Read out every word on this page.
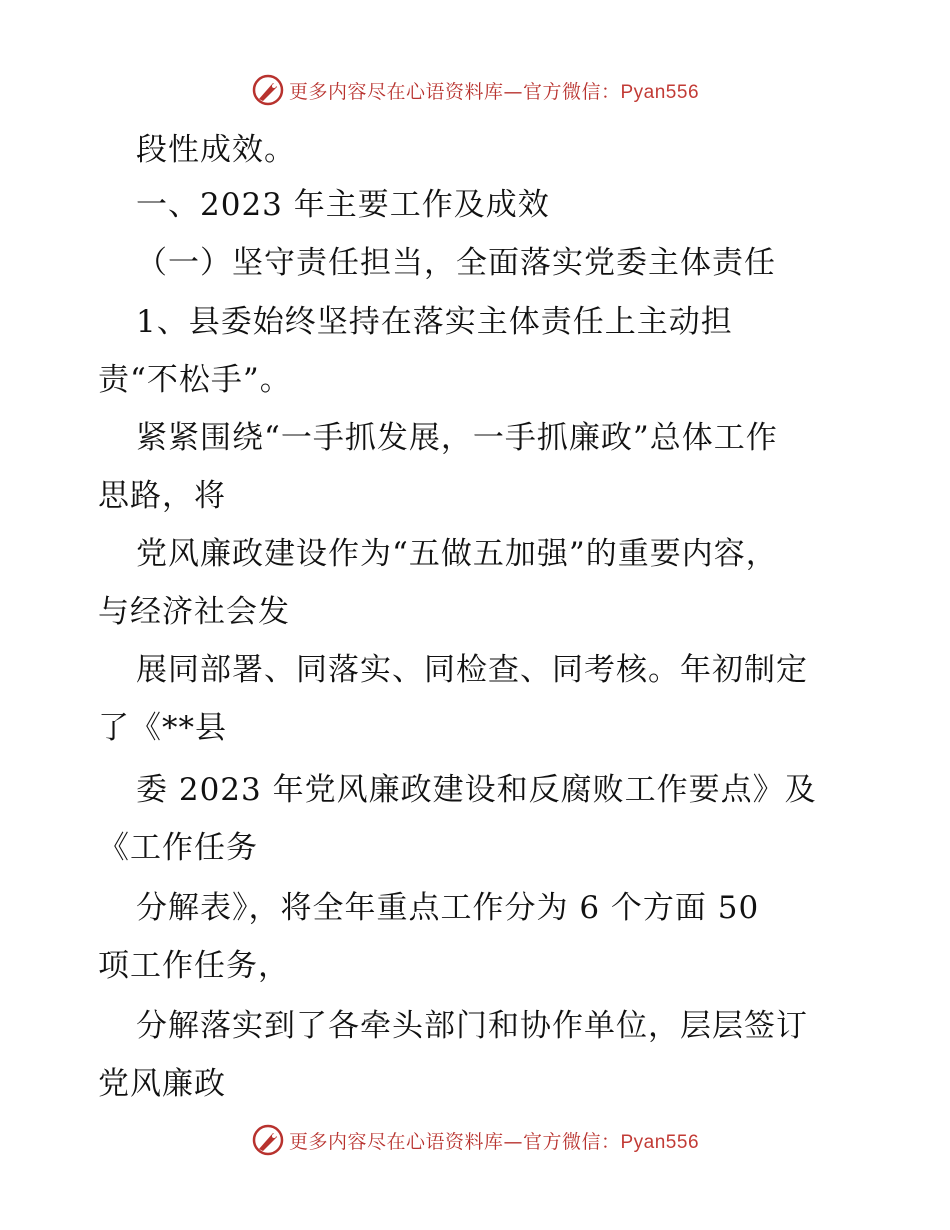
更多内容尽在心语资料库—官方微信：Pyan556
段性成效。
一、2023 年主要工作及成效
（一）坚守责任担当，全面落实党委主体责任
1、县委始终坚持在落实主体责任上主动担
责“不松手”。
紧紧围绕“一手抓发展，一手抓廉政”总体工作
思路，将
党风廉政建设作为“五做五加强”的重要内容，
与经济社会发
展同部署、同落实、同检查、同考核。年初制定
了《**县
委 2023 年党风廉政建设和反腐败工作要点》及
《工作任务
分解表》，将全年重点工作分为 6 个方面 50
项工作任务，
分解落实到了各牵头部门和协作单位，层层签订
党风廉政
更多内容尽在心语资料库—官方微信：Pyan556
